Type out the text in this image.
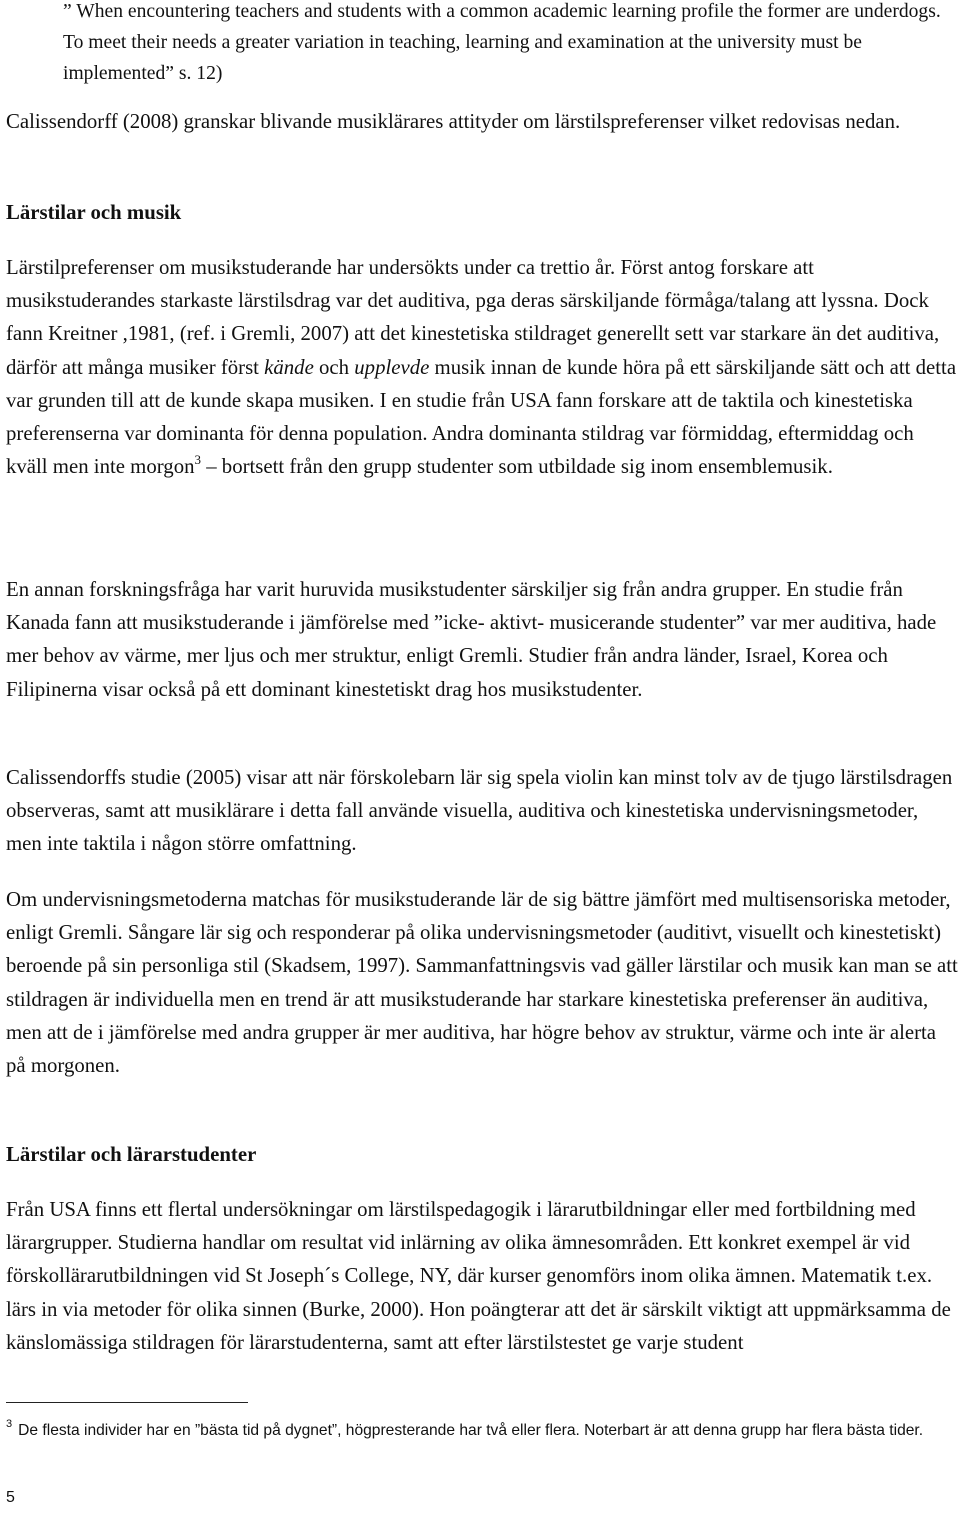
” When encountering teachers and students with a common academic learning profile the former are underdogs. To meet their needs a greater variation in teaching, learning and examination at the university must be implemented” s. 12)

Calissendorff (2008) granskar blivande musiklärares attityder om lärstilspreferenser vilket redovisas nedan.

Lärstilar och musik

Lärstilpreferenser om musikstuderande har undersökts under ca trettio år. Först antog forskare att musikstuderandes starkaste lärstilsdrag var det auditiva, pga deras särskiljande förmåga/talang att lyssna. Dock fann Kreitner ,1981, (ref. i Gremli, 2007) att det kinestetiska stildraget generellt sett var starkare än det auditiva, därför att många musiker först kände och upplevde musik innan de kunde höra på ett särskiljande sätt och att detta var grunden till att de kunde skapa musiken. I en studie från USA fann forskare att de taktila och kinestetiska preferenserna var dominanta för denna population. Andra dominanta stildrag var förmiddag, eftermiddag och kväll men inte morgon$^3$ – bortsett från den grupp studenter som utbildade sig inom ensemblemusik.

En annan forskningsfråga har varit huruvida musikstudenter särskiljer sig från andra grupper. En studie från Kanada fann att musikstuderande i jämförelse med ”icke- aktivt- musicerande studenter” var mer auditiva, hade mer behov av värme, mer ljus och mer struktur, enligt Gremli. Studier från andra länder, Israel, Korea och Filipinerna visar också på ett dominant kinestetiskt drag hos musikstudenter.

Calissendorffs studie (2005) visar att när förskolebarn lär sig spela violin kan minst tolv av de tjugo lärstilsdragen observeras, samt att musiklärare i detta fall använde visuella, auditiva och kinestetiska undervisningsmetoder, men inte taktila i någon större omfattning.

Om undervisningsmetoderna matchas för musikstuderande lär de sig bättre jämfört med multisensoriska metoder, enligt Gremli. Sångare lär sig och responderar på olika undervisningsmetoder (auditivt, visuellt och kinestetiskt) beroende på sin personliga stil (Skadsem, 1997). Sammanfattningsvis vad gäller lärstilar och musik kan man se att stildragen är individuella men en trend är att musikstuderande har starkare kinestetiska preferenser än auditiva, men att de i jämförelse med andra grupper är mer auditiva, har högre behov av struktur, värme och inte är alerta på morgonen.

Lärstilar och lärarstudenter

Från USA finns ett flertal undersökningar om lärstilspedagogik i lärarutbildningar eller med fortbildning med lärargrupper. Studierna handlar om resultat vid inlärning av olika ämnesområden. Ett konkret exempel är vid förskollärarutbildningen vid St Joseph´s College, NY, där kurser genomförs inom olika ämnen. Matematik t.ex. lärs in via metoder för olika sinnen (Burke, 2000). Hon poängterar att det är särskilt viktigt att uppmärksamma de känslomässiga stildragen för lärarstudenterna, samt att efter lärstilstestet ge varje student

$^3$ De flesta individer har en ”bästa tid på dygnet”, högpresterande har två eller flera. Noterbart är att denna grupp har flera bästa tider.

5
